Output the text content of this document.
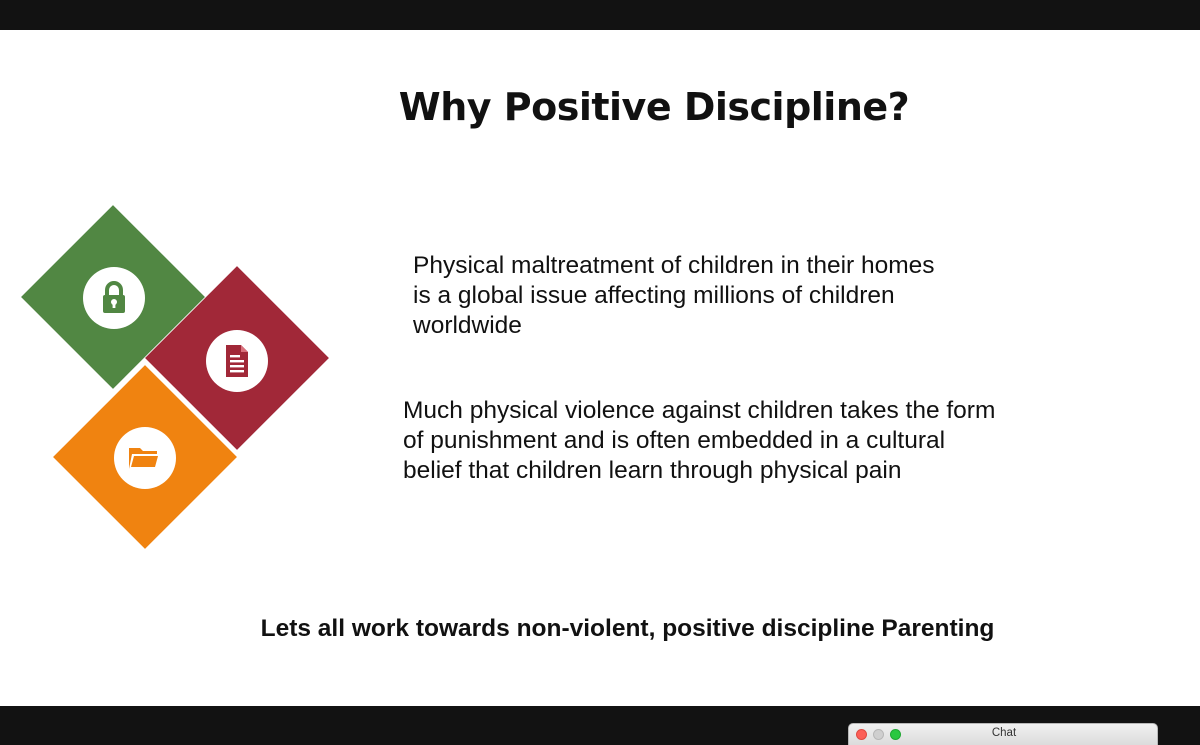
Why Positive Discipline?
Physical maltreatment of children in their homes
is a global issue affecting millions of children
worldwide
Much physical violence against children takes the form
of punishment and is often embedded in a cultural
belief that children learn through physical pain
Lets all work towards non-violent, positive discipline Parenting
Chat
